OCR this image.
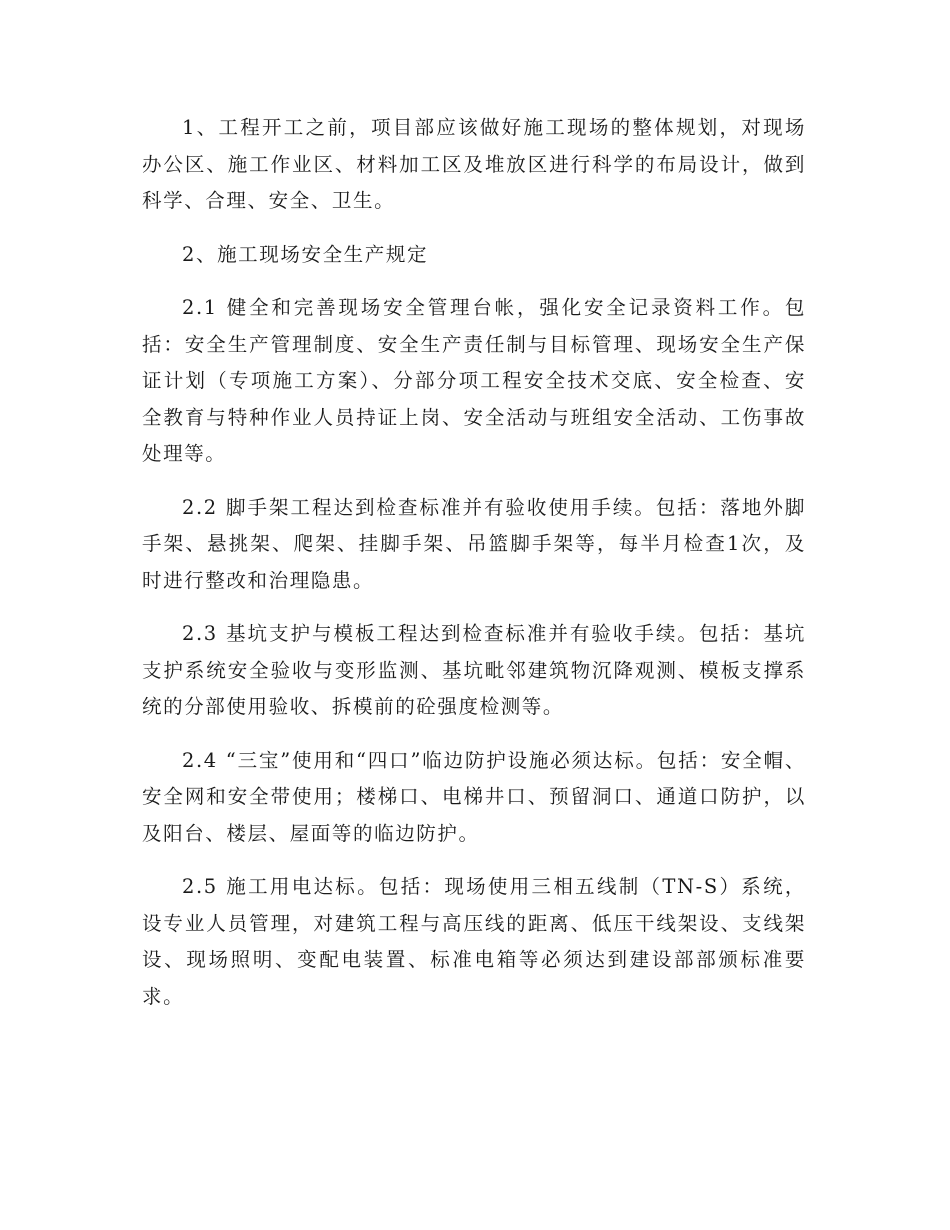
1、工程开工之前，项目部应该做好施工现场的整体规划，对现场办公区、施工作业区、材料加工区及堆放区进行科学的布局设计，做到科学、合理、安全、卫生。

2、施工现场安全生产规定

2.1 健全和完善现场安全管理台帐，强化安全记录资料工作。包括：安全生产管理制度、安全生产责任制与目标管理、现场安全生产保证计划（专项施工方案）、分部分项工程安全技术交底、安全检查、安全教育与特种作业人员持证上岗、安全活动与班组安全活动、工伤事故处理等。

2.2 脚手架工程达到检查标准并有验收使用手续。包括：落地外脚手架、悬挑架、爬架、挂脚手架、吊篮脚手架等，每半月检查1次，及时进行整改和治理隐患。

2.3 基坑支护与模板工程达到检查标准并有验收手续。包括：基坑支护系统安全验收与变形监测、基坑毗邻建筑物沉降观测、模板支撑系统的分部使用验收、拆模前的砼强度检测等。

2.4 “三宝”使用和“四口”临边防护设施必须达标。包括：安全帽、安全网和安全带使用；楼梯口、电梯井口、预留洞口、通道口防护，以及阳台、楼层、屋面等的临边防护。

2.5 施工用电达标。包括：现场使用三相五线制（TN-S）系统，设专业人员管理，对建筑工程与高压线的距离、低压干线架设、支线架设、现场照明、变配电装置、标准电箱等必须达到建设部部颁标准要求。
